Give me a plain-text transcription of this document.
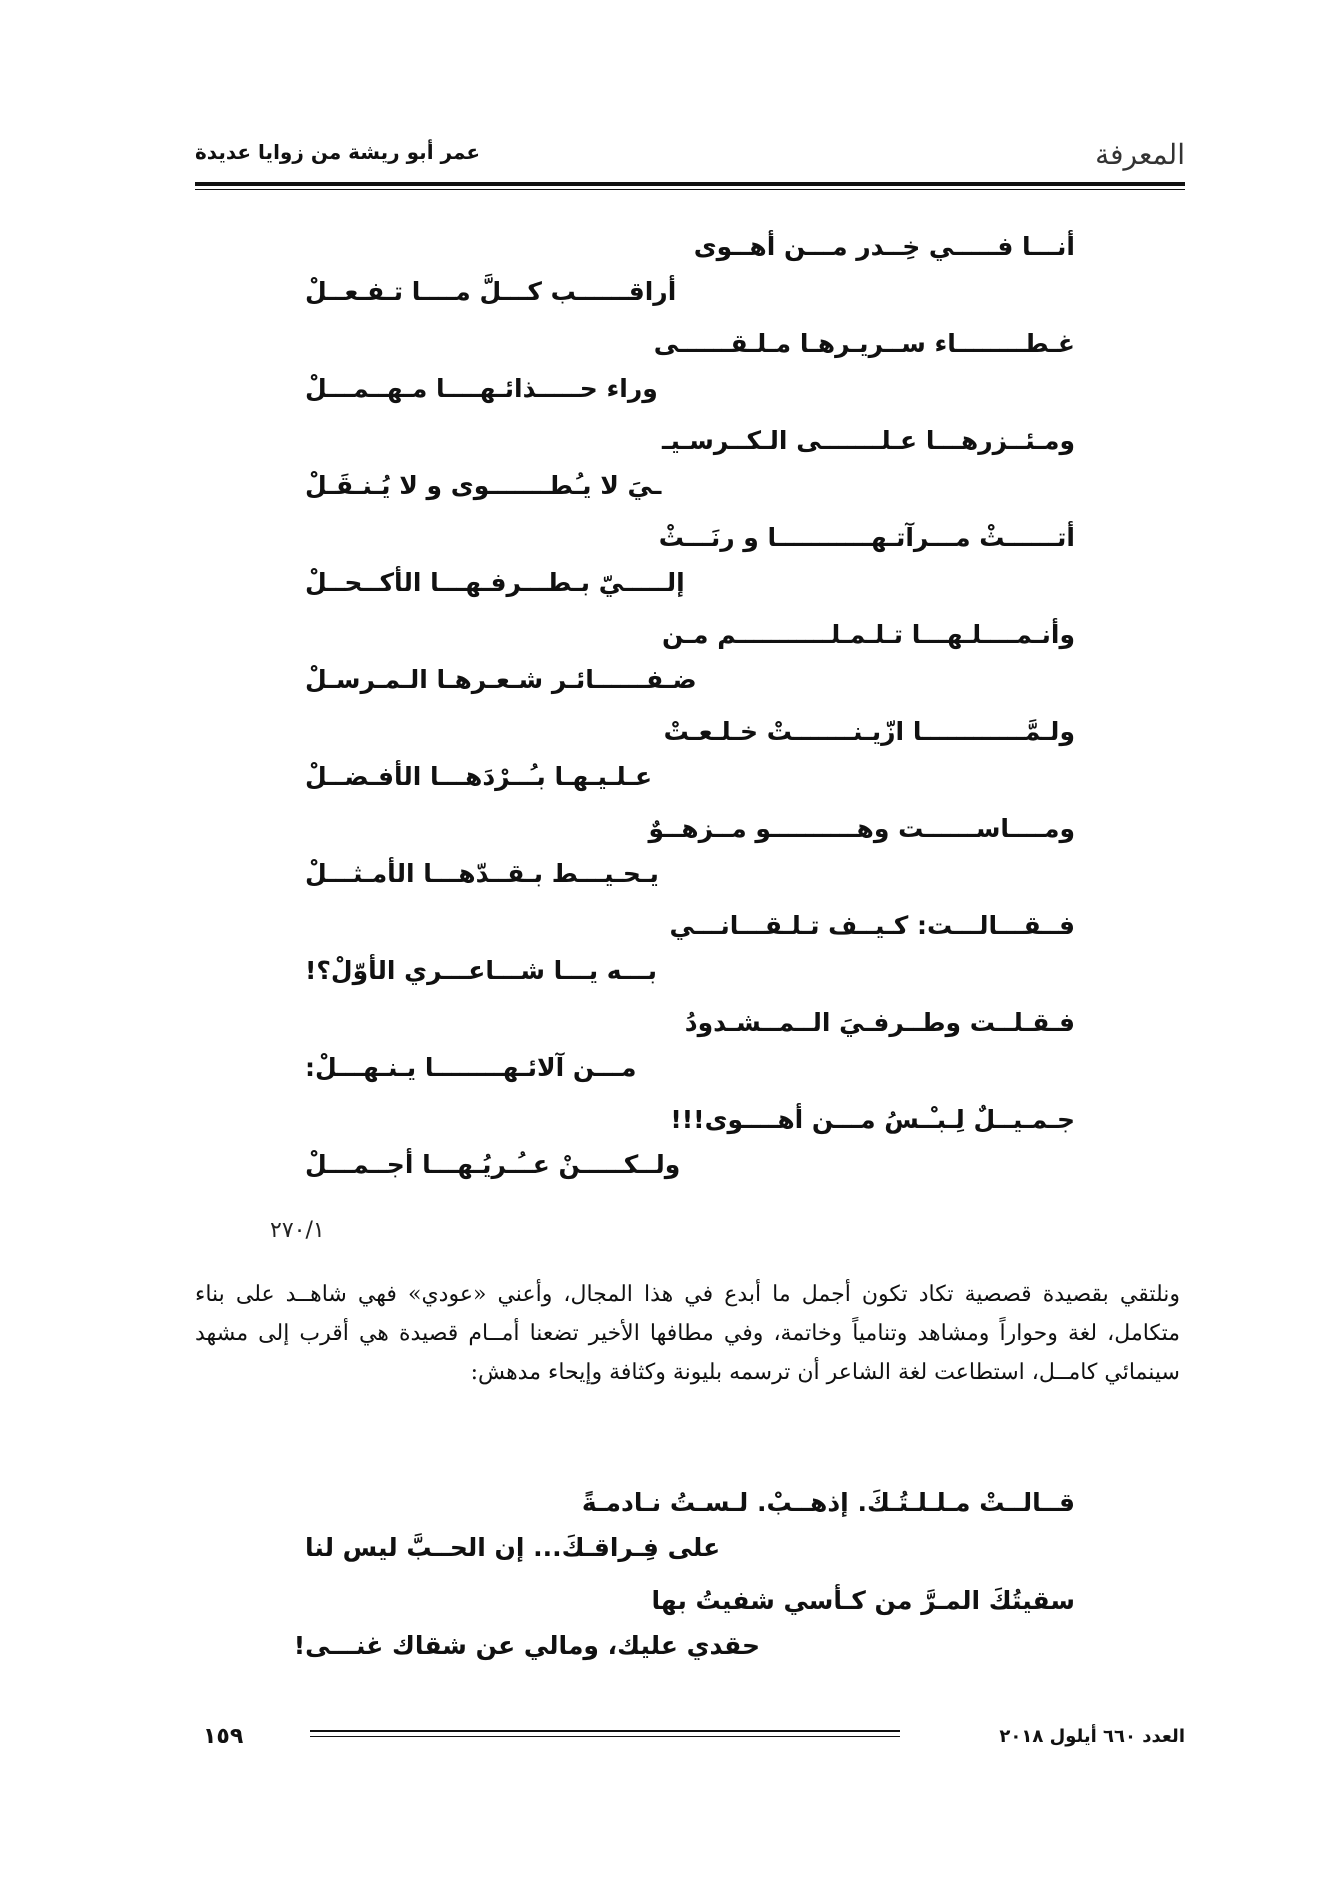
المعرفة
عمر أبو ريشة من زوايا عديدة
أنـــا فـــــي خِــدر مـــن أهــوى
أراقــــــب كـــلَّ مــــا تـفـعــلْ
غـطــــــــاء ســريـرهـا مـلـقــــــى
وراء حـــــذائـهــــا مـهــمـــلْ
ومـئــزرهـــا عـلـــــــى الـكــرسـيـ
ـيَ لا يـُطـــــــوى و لا يُـنـقَـلْ
أتــــــثْ مـــرآتـهـــــــــــا و رنَـــثْ
إلـــــيّ بـطـــرفـهـــا الأكــحــلْ
وأنـمــــلـهـــا تـلـمـلـــــــــــم مـن
ضـفــــــائـر شـعـرهـا الـمـرسـلْ
ولـمَّــــــــــــا ازّيـنـــــــتْ خـلـعـتْ
عـلـيـهـا بـُــرْدَهـــا الأفـضــلْ
ومــــاســــــت وهــــــــــو مــزهــوٌ
يـحـيـــط بـقــدّهـــا الأمـثـــلْ
فــقـــالـــت: كـيــف تـلـقـــانـــي
بـــه يـــا شـــاعـــري الأوّلْ؟!
فـقـلــت وطــرفـيَ الــمــشـدودُ
مـــن آلائـهــــــــا يـنـهـــلْ:
جـمـيــلٌ لِـبـْـسُ مـــن أهــــوى!!!
ولــكـــــنْ عــُـريُـهـــا أجــمـــلْ
٢٧٠/١

ونلتقي بقصيدة قصصية تكاد تكون أجمل ما أبدع في هذا المجال، وأعني «عودي» فهي شاهــد على بناء متكامل، لغة وحواراً ومشاهد وتنامياً وخاتمة، وفي مطافها الأخير تضعنا أمــام قصيدة هي أقرب إلى مشهد سينمائي كامــل، استطاعت لغة الشاعر أن ترسمه بليونة وكثافة وإيحاء مدهش:

قــالــتْ مـلـلـتُـكَ. إذهــبْ. لـسـتُ نـادمـةً
على فِـراقـكَ... إن الحــبَّ ليس لنا
سقيتُكَ المـرَّ من كـأسي شفيتُ بها
حقدي عليك، ومالي عن شقاك غنـــى!
العدد ٦٦٠ أيلول ٢٠١٨
١٥٩
